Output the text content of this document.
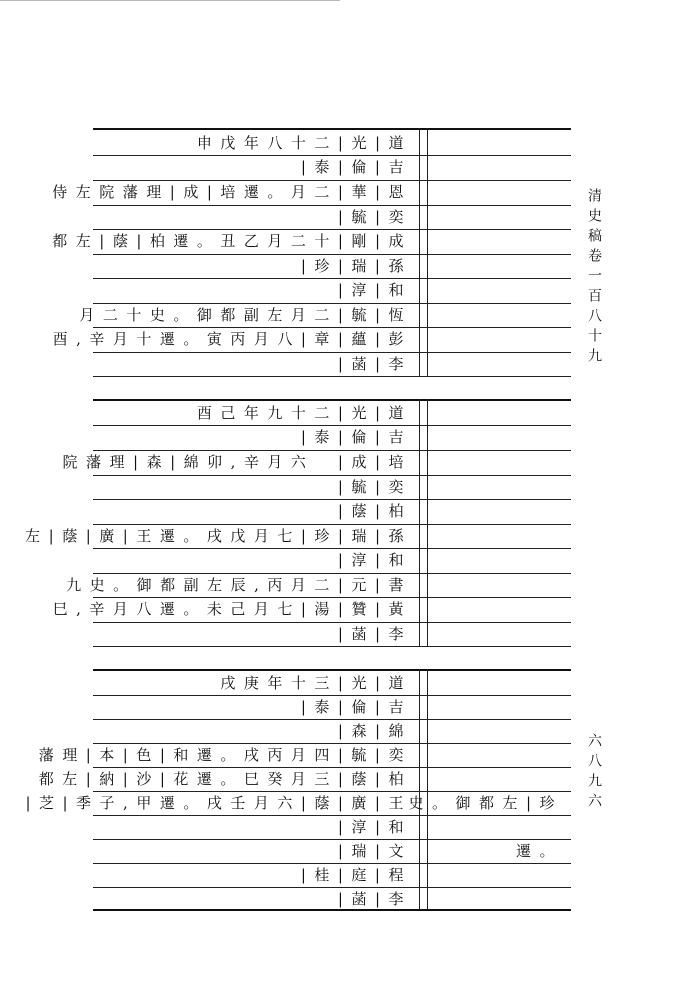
清史稿卷一百八十九
六八九六
申戊年八十二|光|道
|泰|倫|吉
侍左院藩理|成|培遷。月二|華|恩
|毓|奕
都左|蔭|柏遷。丑乙月二十|剛|成
|珍|瑞|孫
|淳|和
月二十史。御都副左月二|毓|恆
酉,辛月十遷。寅丙月八|章|蘊|彭
|菡|李
酉己年九十二|光|道
|泰|倫|吉
院藩理|森|綿卯,辛月六　|成|培
|毓|奕
|蔭|柏
左|蔭|廣|王遷。戌戊月七|珍|瑞|孫
|淳|和
九史。御都副左辰,丙月二|元|書
巳,辛月八遷。未己月七|湯|贊|黃
|菡|李
戌庚年十三|光|道
|泰|倫|吉
|森|綿
藩理|本|色|和遷。戌丙月四|毓|奕
都左|納|沙|花遷。巳癸月三|蔭|柏
|芝|季子,甲遷。戌壬月六|蔭|廣|王
|淳|和
|瑞|文
|桂|庭|程
|菡|李
史。御都左|珍
遷。
